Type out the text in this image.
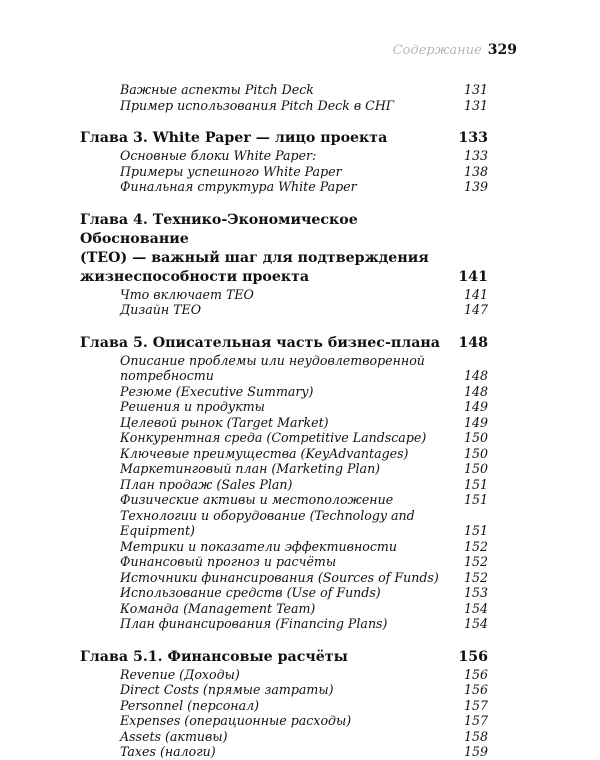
Содержание 329
Важные аспекты Pitch Deck	131
Пример использования Pitch Deck в СНГ	131
Глава 3. White Paper — лицо проекта	133
Основные блоки White Paper:	133
Примеры успешного White Paper	138
Финальная структура White Paper	139
Глава 4. Технико-Экономическое Обоснование
(ТЕО) — важный шаг для подтверждения
жизнеспособности проекта	141
Что включает ТЕО	141
Дизайн ТЕО	147
Глава 5. Описательная часть бизнес-плана 148
Описание проблемы или неудовлетворенной
потребности	148
Резюме (Executive Summary)	148
Решения и продукты	149
Целевой рынок (Target Market)	149
Конкурентная среда (Competitive Landscape)	150
Ключевые преимущества (KeyAdvantages)	150
Маркетинговый план (Marketing Plan)	150
План продаж (Sales Plan)	151
Физические активы и местоположение	151
Технологии и оборудование (Technology and Equipment)	151
Метрики и показатели эффективности	152
Финансовый прогноз и расчёты	152
Источники финансирования (Sources of Funds)	152
Использование средств (Use of Funds)	153
Команда (Management Team)	154
План финансирования (Financing Plans)	154
Глава 5.1. Финансовые расчёты	156
Revenue (Доходы)	156
Direct Costs (прямые затраты)	156
Personnel (персонал)	157
Expenses (операционные расходы)	157
Assets (активы)	158
Taxes (налоги)	159
